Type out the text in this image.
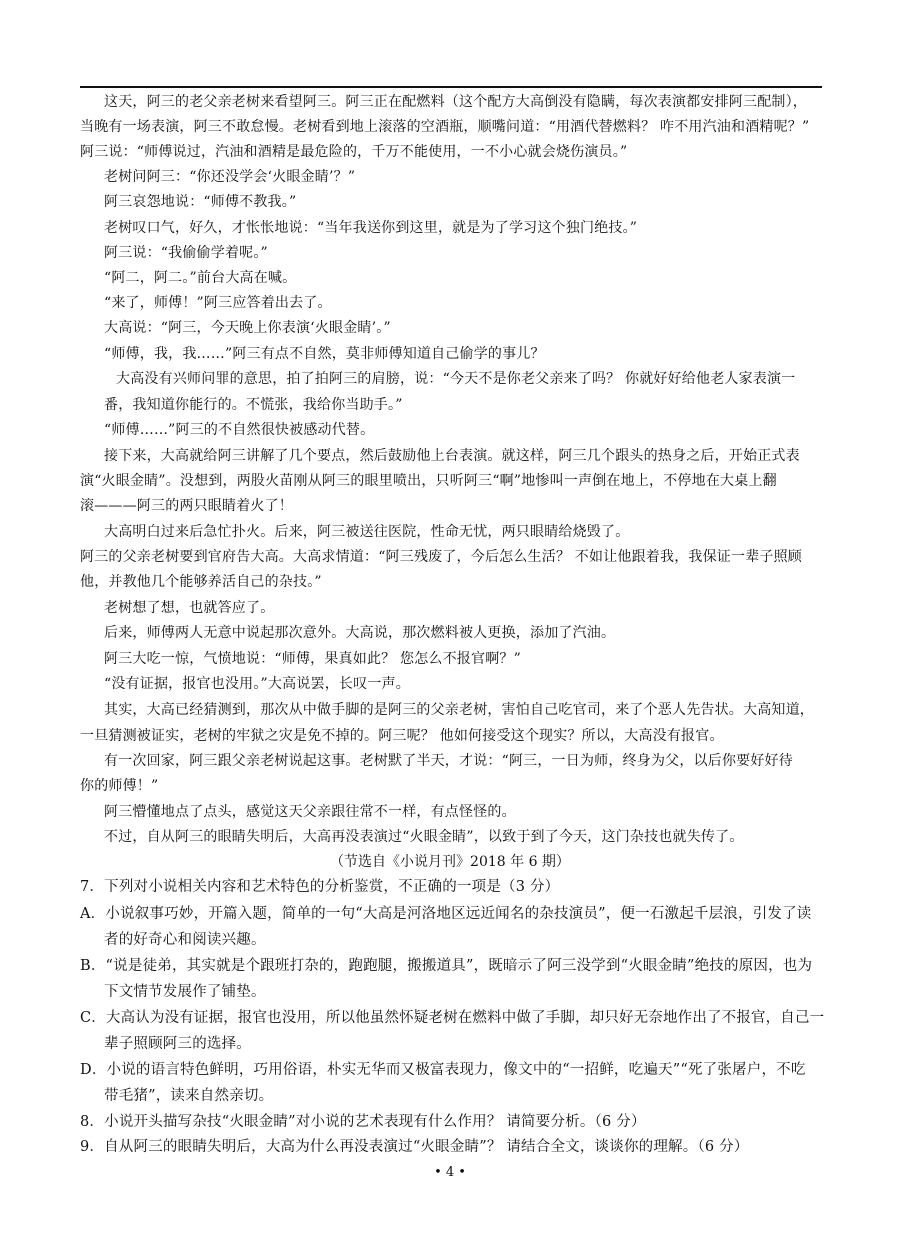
这天，阿三的老父亲老树来看望阿三。阿三正在配燃料（这个配方大高倒没有隐瞒，每次表演都安排阿三配制），
当晚有一场表演，阿三不敢怠慢。老树看到地上滚落的空酒瓶，顺嘴问道：“用酒代替燃料？ 咋不用汽油和酒精呢？”
阿三说：“师傅说过，汽油和酒精是最危险的，千万不能使用，一不小心就会烧伤演员。”
老树问阿三：“你还没学会‘火眼金睛’？”
阿三哀怨地说：“师傅不教我。”
老树叹口气，好久，才怅怅地说：“当年我送你到这里，就是为了学习这个独门绝技。”
阿三说：“我偷偷学着呢。”
“阿二，阿二。”前台大高在喊。
“来了，师傅！”阿三应答着出去了。
大高说：“阿三，今天晚上你表演‘火眼金睛’。”
“师傅，我，我……”阿三有点不自然，莫非师傅知道自己偷学的事儿？
大高没有兴师问罪的意思，拍了拍阿三的肩膀，说：“今天不是你老父亲来了吗？ 你就好好给他老人家表演一
番，我知道你能行的。不慌张，我给你当助手。”
“师傅……”阿三的不自然很快被感动代替。
接下来，大高就给阿三讲解了几个要点，然后鼓励他上台表演。就这样，阿三几个跟头的热身之后，开始正式表
演“火眼金睛”。没想到，两股火苗刚从阿三的眼里喷出，只听阿三“啊”地惨叫一声倒在地上，不停地在大桌上翻
滚———阿三的两只眼睛着火了！
大高明白过来后急忙扑火。后来，阿三被送往医院，性命无忧，两只眼睛给烧毁了。
阿三的父亲老树要到官府告大高。大高求情道：“阿三残废了，今后怎么生活？ 不如让他跟着我，我保证一辈子照顾
他，并教他几个能够养活自己的杂技。”
老树想了想，也就答应了。
后来，师傅两人无意中说起那次意外。大高说，那次燃料被人更换，添加了汽油。
阿三大吃一惊，气愤地说：“师傅，果真如此？ 您怎么不报官啊？”
“没有证据，报官也没用。”大高说罢，长叹一声。
其实，大高已经猜测到，那次从中做手脚的是阿三的父亲老树，害怕自己吃官司，来了个恶人先告状。大高知道，
一旦猜测被证实，老树的牢狱之灾是免不掉的。阿三呢？ 他如何接受这个现实？所以，大高没有报官。
有一次回家，阿三跟父亲老树说起这事。老树默了半天，才说：“阿三，一日为师，终身为父，以后你要好好待
你的师傅！”
阿三懵懂地点了点头，感觉这天父亲跟往常不一样，有点怪怪的。
不过，自从阿三的眼睛失明后，大高再没表演过“火眼金睛”，以致于到了今天，这门杂技也就失传了。
（节选自《小说月刊》2018 年 6 期）
7．下列对小说相关内容和艺术特色的分析鉴赏，不正确的一项是（3 分）
A．小说叙事巧妙，开篇入题，简单的一句“大高是河洛地区远近闻名的杂技演员”，便一石激起千层浪，引发了读
者的好奇心和阅读兴趣。
B．“说是徒弟，其实就是个跟班打杂的，跑跑腿，搬搬道具”，既暗示了阿三没学到“火眼金睛”绝技的原因，也为
下文情节发展作了铺垫。
C．大高认为没有证据，报官也没用，所以他虽然怀疑老树在燃料中做了手脚，却只好无奈地作出了不报官，自己一
辈子照顾阿三的选择。
D．小说的语言特色鲜明，巧用俗语，朴实无华而又极富表现力，像文中的“一招鲜，吃遍天”“死了张屠户，不吃
带毛猪”，读来自然亲切。
8．小说开头描写杂技“火眼金睛”对小说的艺术表现有什么作用？ 请简要分析。（6 分）
9．自从阿三的眼睛失明后，大高为什么再没表演过“火眼金睛”？ 请结合全文，谈谈你的理解。（6 分）
• 4 •
